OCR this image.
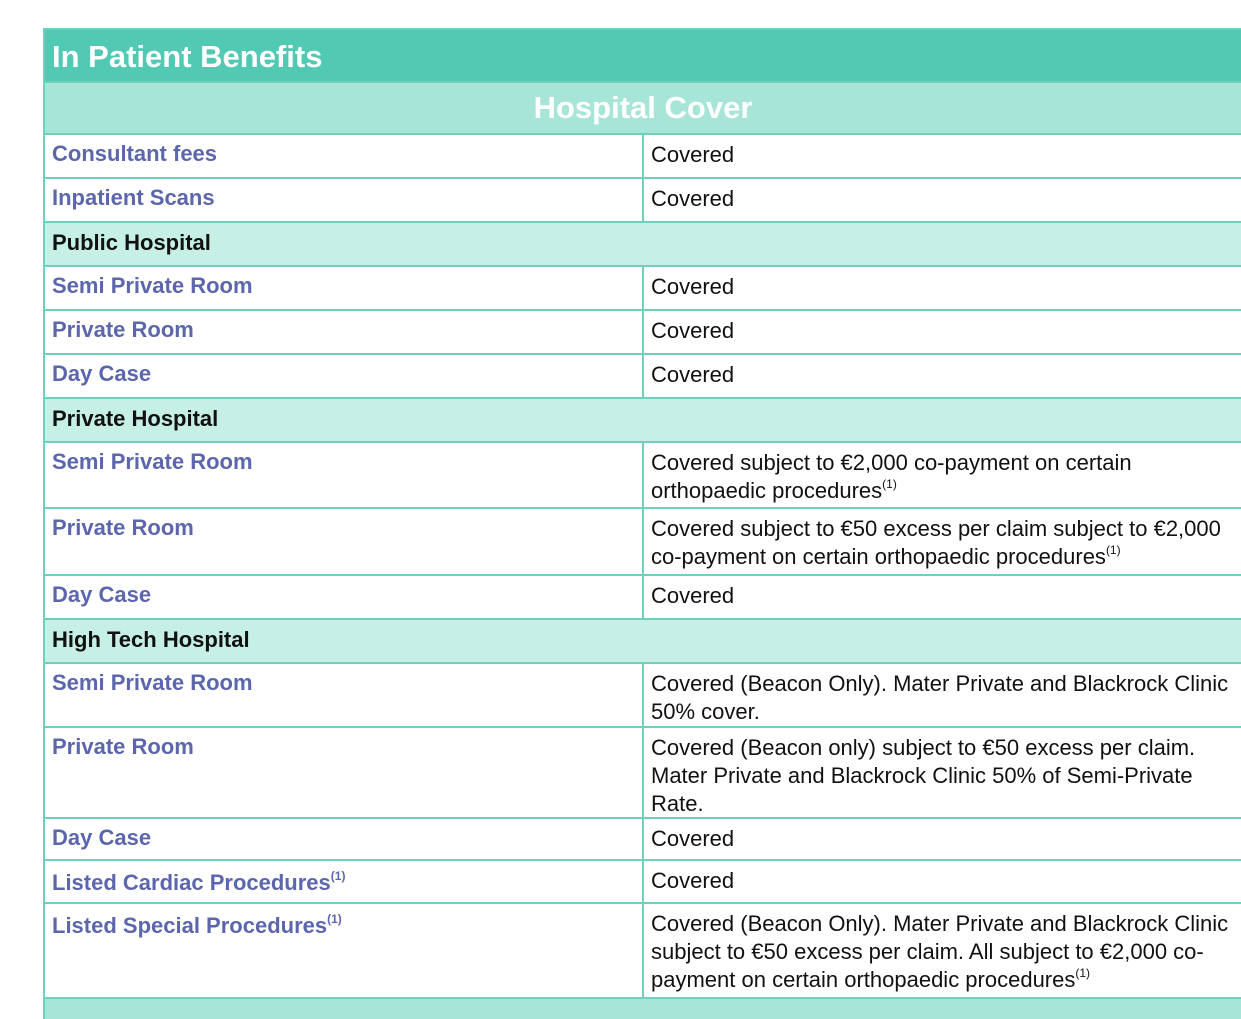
In Patient Benefits
Hospital Cover
Consultant fees	Covered
Inpatient Scans	Covered
Public Hospital
Semi Private Room	Covered
Private Room	Covered
Day Case	Covered
Private Hospital
Semi Private Room	Covered subject to €2,000 co-payment on certain orthopaedic procedures$^{(1)}$
Private Room	Covered subject to €50 excess per claim subject to €2,000 co-payment on certain orthopaedic procedures$^{(1)}$
Day Case	Covered
High Tech Hospital
Semi Private Room	Covered (Beacon Only). Mater Private and Blackrock Clinic 50% cover.
Private Room	Covered (Beacon only) subject to €50 excess per claim. Mater Private and Blackrock Clinic 50% of Semi-Private Rate.
Day Case	Covered
Listed Cardiac Procedures$^{(1)}$	Covered
Listed Special Procedures$^{(1)}$	Covered (Beacon Only). Mater Private and Blackrock Clinic subject to €50 excess per claim. All subject to €2,000 co-payment on certain orthopaedic procedures$^{(1)}$
